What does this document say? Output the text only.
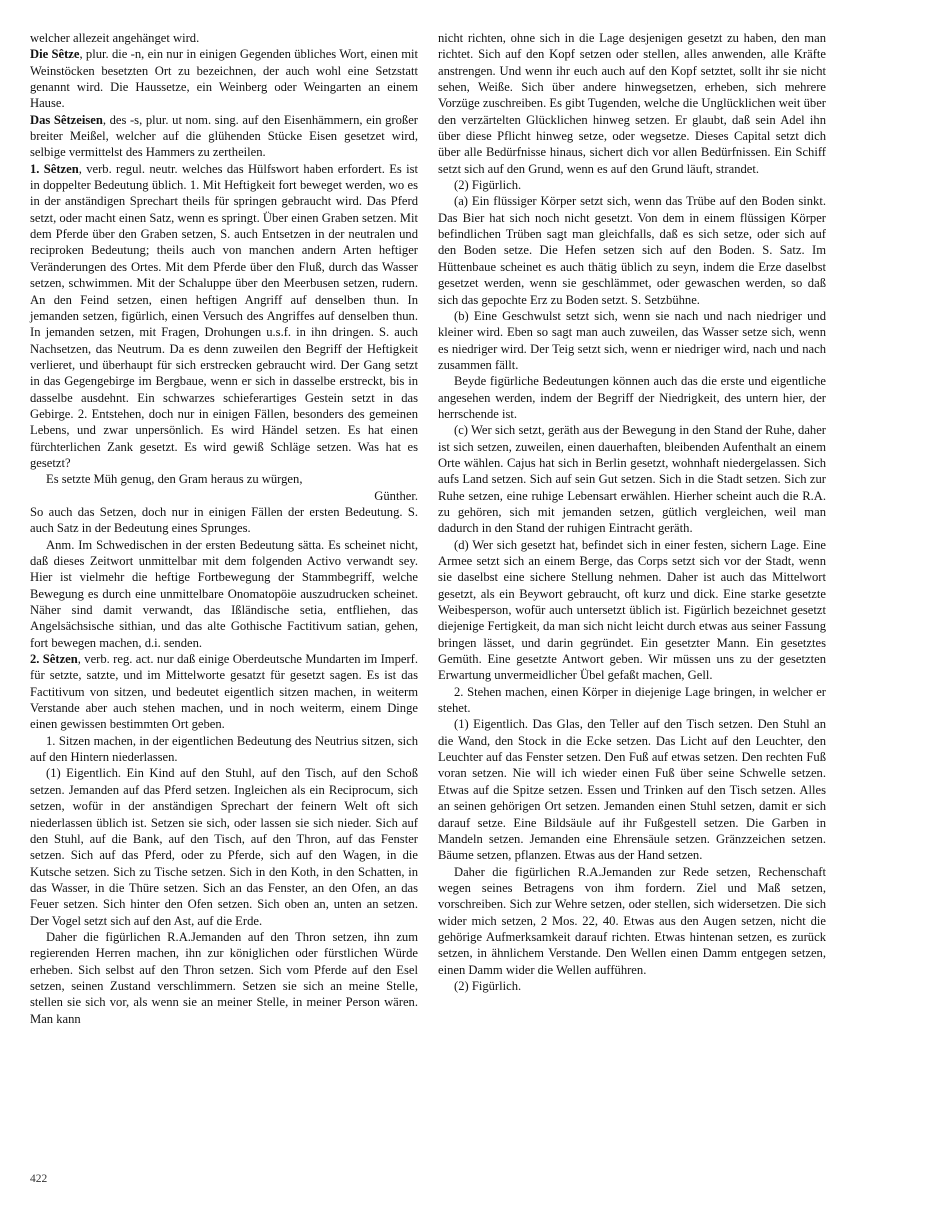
welcher allezeit angehänget wird.

Die Sêtze, plur. die -n, ein nur in einigen Gegenden übliches Wort, einen mit Weinstöcken besetzten Ort zu bezeichnen, der auch wohl eine Setzstatt genannt wird. Die Haussetze, ein Weinberg oder Weingarten an einem Hause.

Das Sêtzeisen, des -s, plur. ut nom. sing. auf den Eisenhämmern, ein großer breiter Meißel, welcher auf die glühenden Stücke Eisen gesetzet wird, selbige vermittelst des Hammers zu zertheilen.

1. Sêtzen, verb. regul. neutr. welches das Hülfswort haben erfordert. Es ist in doppelter Bedeutung üblich. 1. Mit Heftigkeit fort beweget werden, wo es in der anständigen Sprechart theils für springen gebraucht wird. Das Pferd setzt, oder macht einen Satz, wenn es springt. Über einen Graben setzen. Mit dem Pferde über den Graben setzen, S. auch Entsetzen in der neutralen und reciproken Bedeutung; theils auch von manchen andern Arten heftiger Veränderungen des Ortes. Mit dem Pferde über den Fluß, durch das Wasser setzen, schwimmen. Mit der Schaluppe über den Meerbusen setzen, rudern. An den Feind setzen, einen heftigen Angriff auf denselben thun. In jemanden setzen, figürlich, einen Versuch des Angriffes auf denselben thun. In jemanden setzen, mit Fragen, Drohungen u.s.f. in ihn dringen. S. auch Nachsetzen, das Neutrum. Da es denn zuweilen den Begriff der Heftigkeit verlieret, und überhaupt für sich erstrecken gebraucht wird. Der Gang setzt in das Gegengebirge im Bergbaue, wenn er sich in dasselbe erstreckt, bis in dasselbe ausdehnt. Ein schwarzes schieferartiges Gestein setzt in das Gebirge. 2. Entstehen, doch nur in einigen Fällen, besonders des gemeinen Lebens, und zwar unpersönlich. Es wird Händel setzen. Es hat einen fürchterlichen Zank gesetzt. Es wird gewiß Schläge setzen. Was hat es gesetzt?

Es setzte Müh genug, den Gram heraus zu würgen,

Günther.

So auch das Setzen, doch nur in einigen Fällen der ersten Bedeutung. S. auch Satz in der Bedeutung eines Sprunges.

Anm. Im Schwedischen in der ersten Bedeutung sätta. Es scheinet nicht, daß dieses Zeitwort unmittelbar mit dem folgenden Activo verwandt sey. Hier ist vielmehr die heftige Fortbewegung der Stammbegriff, welche Bewegung es durch eine unmittelbare Onomatopöie auszudrucken scheinet. Näher sind damit verwandt, das Ißländische setia, entfliehen, das Angelsächsische sithian, und das alte Gothische Factitivum satian, gehen, fort bewegen machen, d.i. senden.

2. Sêtzen, verb. reg. act. nur daß einige Oberdeutsche Mundarten im Imperf. für setzte, satzte, und im Mittelworte gesatzt für gesetzt sagen. Es ist das Factitivum von sitzen, und bedeutet eigentlich sitzen machen, in weiterm Verstande aber auch stehen machen, und in noch weiterm, einem Dinge einen gewissen bestimmten Ort geben.

1. Sitzen machen, in der eigentlichen Bedeutung des Neutrius sitzen, sich auf den Hintern niederlassen.

(1) Eigentlich. Ein Kind auf den Stuhl, auf den Tisch, auf den Schoß setzen. Jemanden auf das Pferd setzen. Ingleichen als ein Reciprocum, sich setzen, wofür in der anständigen Sprechart der feinern Welt oft sich niederlassen üblich ist. Setzen sie sich, oder lassen sie sich nieder. Sich auf den Stuhl, auf die Bank, auf den Tisch, auf den Thron, auf das Fenster setzen. Sich auf das Pferd, oder zu Pferde, sich auf den Wagen, in die Kutsche setzen. Sich zu Tische setzen. Sich in den Koth, in den Schatten, in das Wasser, in die Thüre setzen. Sich an das Fenster, an den Ofen, an das Feuer setzen. Sich hinter den Ofen setzen. Sich oben an, unten an setzen. Der Vogel setzt sich auf den Ast, auf die Erde.

Daher die figürlichen R.A.Jemanden auf den Thron setzen, ihn zum regierenden Herren machen, ihn zur königlichen oder fürstlichen Würde erheben. Sich selbst auf den Thron setzen. Sich vom Pferde auf den Esel setzen, seinen Zustand verschlimmern. Setzen sie sich an meine Stelle, stellen sie sich vor, als wenn sie an meiner Stelle, in meiner Person wären. Man kann

nicht richten, ohne sich in die Lage desjenigen gesetzt zu haben, den man richtet. Sich auf den Kopf setzen oder stellen, alles anwenden, alle Kräfte anstrengen. Und wenn ihr euch auch auf den Kopf setztet, sollt ihr sie nicht sehen, Weiße. Sich über andere hinwegsetzen, erheben, sich mehrere Vorzüge zuschreiben. Es gibt Tugenden, welche die Unglücklichen weit über den verzärtelten Glücklichen hinweg setzen. Er glaubt, daß sein Adel ihn über diese Pflicht hinweg setze, oder wegsetze. Dieses Capital setzt dich über alle Bedürfnisse hinaus, sichert dich vor allen Bedürfnissen. Ein Schiff setzt sich auf den Grund, wenn es auf den Grund läuft, strandet.

(2) Figürlich.

(a) Ein flüssiger Körper setzt sich, wenn das Trübe auf den Boden sinkt. Das Bier hat sich noch nicht gesetzt. Von dem in einem flüssigen Körper befindlichen Trüben sagt man gleichfalls, daß es sich setze, oder sich auf den Boden setze. Die Hefen setzen sich auf den Boden. S. Satz. Im Hüttenbaue scheinet es auch thätig üblich zu seyn, indem die Erze daselbst gesetzet werden, wenn sie geschlämmet, oder gewaschen werden, so daß sich das gepochte Erz zu Boden setzt. S. Setzbühne.

(b) Eine Geschwulst setzt sich, wenn sie nach und nach niedriger und kleiner wird. Eben so sagt man auch zuweilen, das Wasser setze sich, wenn es niedriger wird. Der Teig setzt sich, wenn er niedriger wird, nach und nach zusammen fällt.

Beyde figürliche Bedeutungen können auch das die erste und eigentliche angesehen werden, indem der Begriff der Niedrigkeit, des untern hier, der herrschende ist.

(c) Wer sich setzt, geräth aus der Bewegung in den Stand der Ruhe, daher ist sich setzen, zuweilen, einen dauerhaften, bleibenden Aufenthalt an einem Orte wählen. Cajus hat sich in Berlin gesetzt, wohnhaft niedergelassen. Sich aufs Land setzen. Sich auf sein Gut setzen. Sich in die Stadt setzen. Sich zur Ruhe setzen, eine ruhige Lebensart erwählen. Hierher scheint auch die R.A. zu gehören, sich mit jemanden setzen, gütlich vergleichen, weil man dadurch in den Stand der ruhigen Eintracht geräth.

(d) Wer sich gesetzt hat, befindet sich in einer festen, sichern Lage. Eine Armee setzt sich an einem Berge, das Corps setzt sich vor der Stadt, wenn sie daselbst eine sichere Stellung nehmen. Daher ist auch das Mittelwort gesetzt, als ein Beywort gebraucht, oft kurz und dick. Eine starke gesetzte Weibesperson, wofür auch untersetzt üblich ist. Figürlich bezeichnet gesetzt diejenige Fertigkeit, da man sich nicht leicht durch etwas aus seiner Fassung bringen lässet, und darin gegründet. Ein gesetzter Mann. Ein gesetztes Gemüth. Eine gesetzte Antwort geben. Wir müssen uns zu der gesetzten Erwartung unvermeidlicher Übel gefaßt machen, Gell.

2. Stehen machen, einen Körper in diejenige Lage bringen, in welcher er stehet.

(1) Eigentlich. Das Glas, den Teller auf den Tisch setzen. Den Stuhl an die Wand, den Stock in die Ecke setzen. Das Licht auf den Leuchter, den Leuchter auf das Fenster setzen. Den Fuß auf etwas setzen. Den rechten Fuß voran setzen. Nie will ich wieder einen Fuß über seine Schwelle setzen. Etwas auf die Spitze setzen. Essen und Trinken auf den Tisch setzen. Alles an seinen gehörigen Ort setzen. Jemanden einen Stuhl setzen, damit er sich darauf setze. Eine Bildsäule auf ihr Fußgestell setzen. Die Garben in Mandeln setzen. Jemanden eine Ehrensäule setzen. Gränzzeichen setzen. Bäume setzen, pflanzen. Etwas aus der Hand setzen.

Daher die figürlichen R.A.Jemanden zur Rede setzen, Rechenschaft wegen seines Betragens von ihm fordern. Ziel und Maß setzen, vorschreiben. Sich zur Wehre setzen, oder stellen, sich widersetzen. Die sich wider mich setzen, 2 Mos. 22, 40. Etwas aus den Augen setzen, nicht die gehörige Aufmerksamkeit darauf richten. Etwas hintenan setzen, es zurück setzen, in ähnlichem Verstande. Den Wellen einen Damm entgegen setzen, einen Damm wider die Wellen aufführen.

(2) Figürlich.

422
